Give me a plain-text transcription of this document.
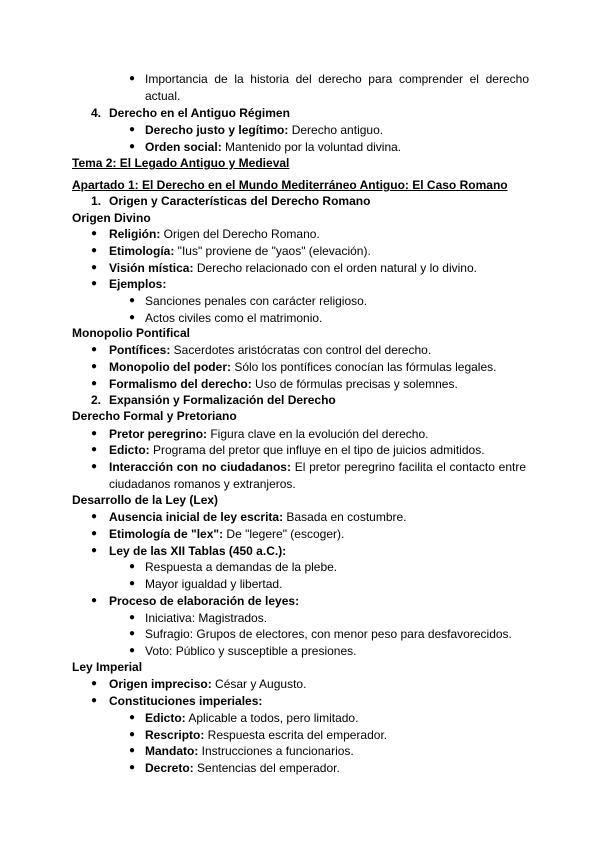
● Importancia de la historia del derecho para comprender el derecho
actual.
4. Derecho en el Antiguo Régimen
● Derecho justo y legítimo: Derecho antiguo.
● Orden social: Mantenido por la voluntad divina.
Tema 2: El Legado Antiguo y Medieval
Apartado 1: El Derecho en el Mundo Mediterráneo Antiguo: El Caso Romano
1. Origen y Características del Derecho Romano
Origen Divino
● Religión: Origen del Derecho Romano.
● Etimología: "Ius" proviene de "yaos" (elevación).
● Visión mística: Derecho relacionado con el orden natural y lo divino.
● Ejemplos:
● Sanciones penales con carácter religioso.
● Actos civiles como el matrimonio.
Monopolio Pontifical
● Pontífices: Sacerdotes aristócratas con control del derecho.
● Monopolio del poder: Sólo los pontífices conocían las fórmulas legales.
● Formalismo del derecho: Uso de fórmulas precisas y solemnes.
2. Expansión y Formalización del Derecho
Derecho Formal y Pretoriano
● Pretor peregrino: Figura clave en la evolución del derecho.
● Edicto: Programa del pretor que influye en el tipo de juicios admitidos.
● Interacción con no ciudadanos: El pretor peregrino facilita el contacto entre
ciudadanos romanos y extranjeros.
Desarrollo de la Ley (Lex)
● Ausencia inicial de ley escrita: Basada en costumbre.
● Etimología de "lex": De "legere" (escoger).
● Ley de las XII Tablas (450 a.C.):
● Respuesta a demandas de la plebe.
● Mayor igualdad y libertad.
● Proceso de elaboración de leyes:
● Iniciativa: Magistrados.
● Sufragio: Grupos de electores, con menor peso para desfavorecidos.
● Voto: Público y susceptible a presiones.
Ley Imperial
● Origen impreciso: César y Augusto.
● Constituciones imperiales:
● Edicto: Aplicable a todos, pero limitado.
● Rescripto: Respuesta escrita del emperador.
● Mandato: Instrucciones a funcionarios.
● Decreto: Sentencias del emperador.
